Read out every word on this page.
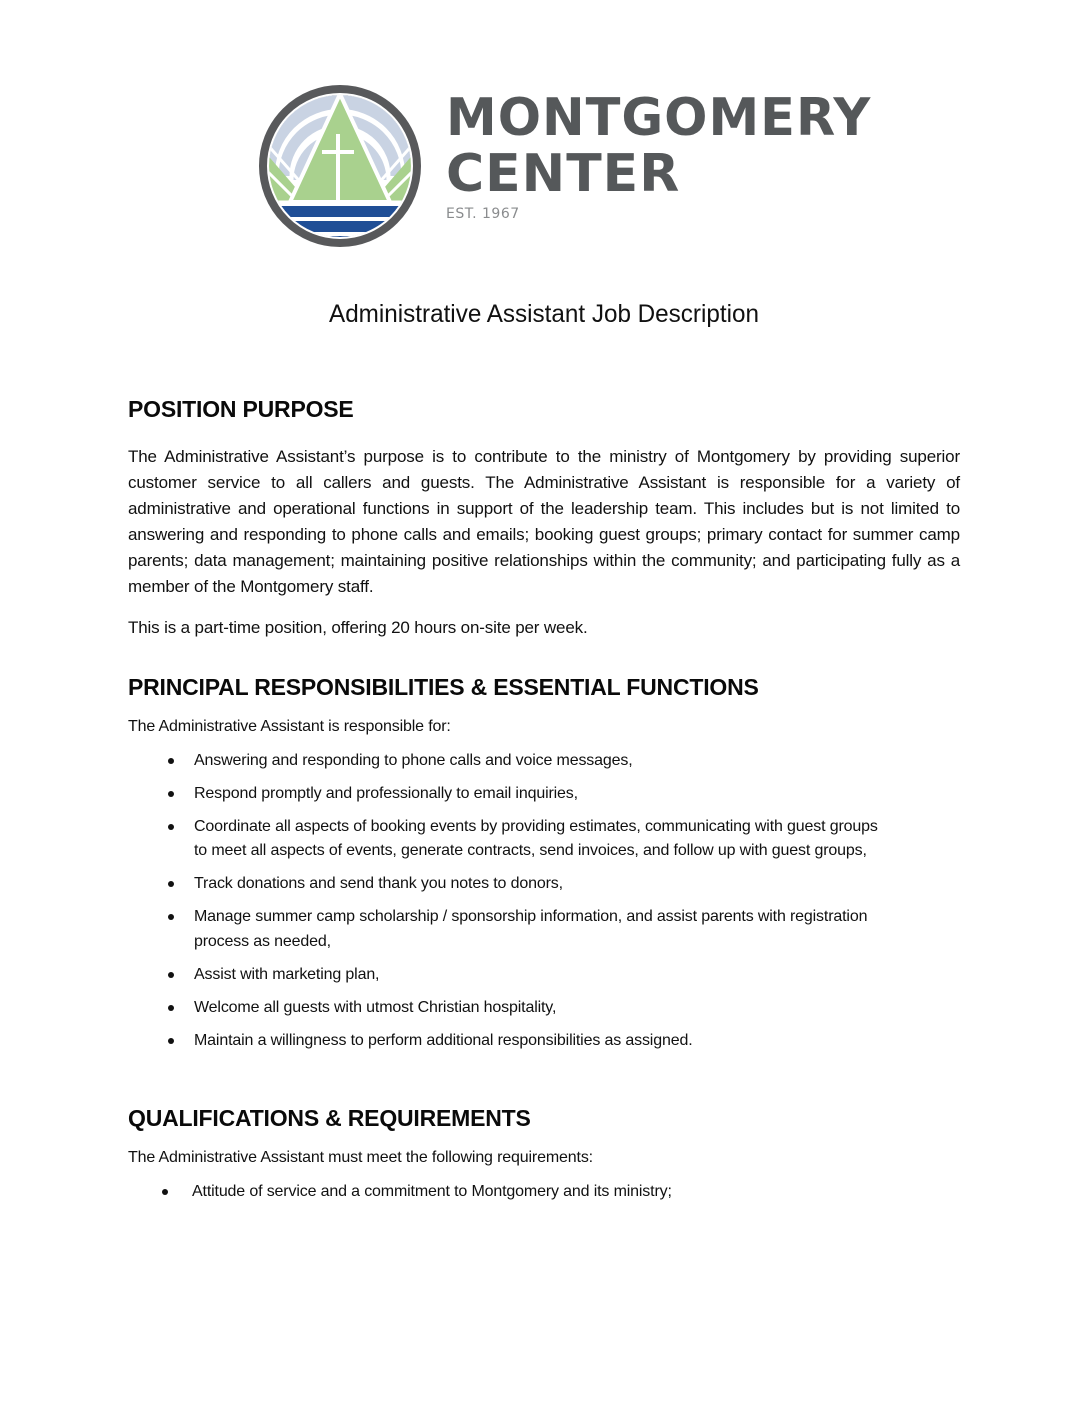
MONTGOMERY
CENTER
EST. 1967
Administrative Assistant Job Description
POSITION PURPOSE

The Administrative Assistant’s purpose is to contribute to the ministry of Montgomery by providing superior customer service to all callers and guests. The Administrative Assistant is responsible for a variety of administrative and operational functions in support of the leadership team. This includes but is not limited to answering and responding to phone calls and emails; booking guest groups; primary contact for summer camp parents; data management; maintaining positive relationships within the community; and participating fully as a member of the Montgomery staff.

This is a part-time position, offering 20 hours on-site per week.

PRINCIPAL RESPONSIBILITIES & ESSENTIAL FUNCTIONS

The Administrative Assistant is responsible for:

Answering and responding to phone calls and voice messages,
Respond promptly and professionally to email inquiries,
Coordinate all aspects of booking events by providing estimates, communicating with guest groups to meet all aspects of events, generate contracts, send invoices, and follow up with guest groups,
Track donations and send thank you notes to donors,
Manage summer camp scholarship / sponsorship information, and assist parents with registration process as needed,
Assist with marketing plan,
Welcome all guests with utmost Christian hospitality,
Maintain a willingness to perform additional responsibilities as assigned.
QUALIFICATIONS & REQUIREMENTS

The Administrative Assistant must meet the following requirements:

Attitude of service and a commitment to Montgomery and its ministry;
